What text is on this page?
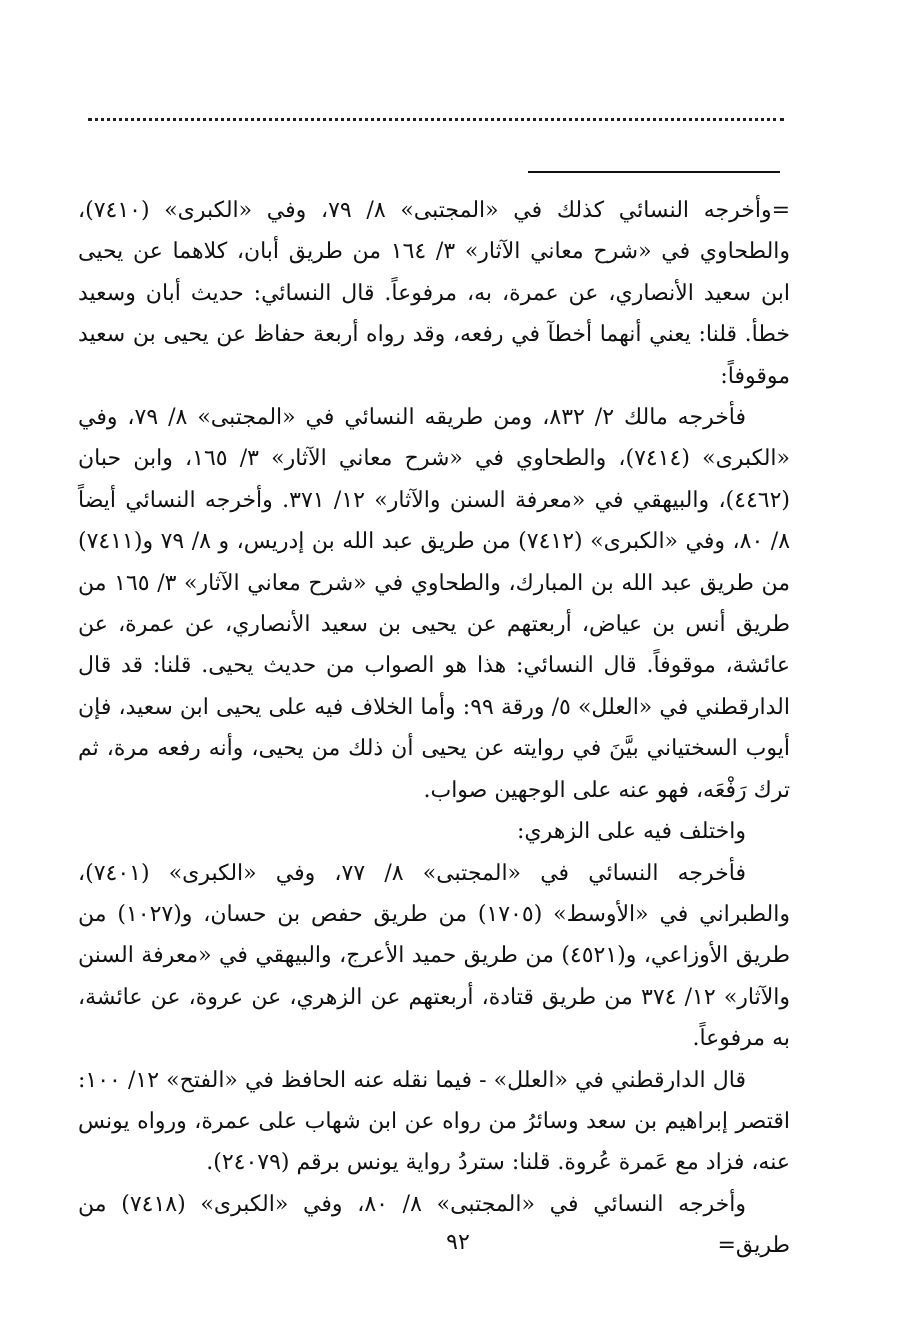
=وأخرجه النسائي كذلك في «المجتبى» ٨/ ٧٩، وفي «الكبرى» (٧٤١٠)، والطحاوي في «شرح معاني الآثار» ٣/ ١٦٤ من طريق أبان، كلاهما عن يحيى ابن سعيد الأنصاري، عن عمرة، به، مرفوعاً. قال النسائي: حديث أبان وسعيد خطأ. قلنا: يعني أنهما أخطآ في رفعه، وقد رواه أربعة حفاظ عن يحيى بن سعيد موقوفاً:

فأخرجه مالك ٢/ ٨٣٢، ومن طريقه النسائي في «المجتبى» ٨/ ٧٩، وفي «الكبرى» (٧٤١٤)، والطحاوي في «شرح معاني الآثار» ٣/ ١٦٥، وابن حبان (٤٤٦٢)، والبيهقي في «معرفة السنن والآثار» ١٢/ ٣٧١. وأخرجه النسائي أيضاً ٨/ ٨٠، وفي «الكبرى» (٧٤١٢) من طريق عبد الله بن إدريس، و ٨/ ٧٩ و(٧٤١١) من طريق عبد الله بن المبارك، والطحاوي في «شرح معاني الآثار» ٣/ ١٦٥ من طريق أنس بن عياض، أربعتهم عن يحيى بن سعيد الأنصاري، عن عمرة، عن عائشة، موقوفاً. قال النسائي: هذا هو الصواب من حديث يحيى. قلنا: قد قال الدارقطني في «العلل» ٥/ ورقة ٩٩: وأما الخلاف فيه على يحيى ابن سعيد، فإن أيوب السختياني بيَّنَ في روايته عن يحيى أن ذلك من يحيى، وأنه رفعه مرة، ثم ترك رَفْعَه، فهو عنه على الوجهين صواب.

واختلف فيه على الزهري:

فأخرجه النسائي في «المجتبى» ٨/ ٧٧، وفي «الكبرى» (٧٤٠١)، والطبراني في «الأوسط» (١٧٠٥) من طريق حفص بن حسان، و(١٠٢٧) من طريق الأوزاعي، و(٤٥٢١) من طريق حميد الأعرج، والبيهقي في «معرفة السنن والآثار» ١٢/ ٣٧٤ من طريق قتادة، أربعتهم عن الزهري، عن عروة، عن عائشة، به مرفوعاً.

قال الدارقطني في «العلل» - فيما نقله عنه الحافظ في «الفتح» ١٢/ ١٠٠: اقتصر إبراهيم بن سعد وسائرُ من رواه عن ابن شهاب على عمرة، ورواه يونس عنه، فزاد مع عَمرة عُروة. قلنا: ستردُ رواية يونس برقم (٢٤٠٧٩).

وأخرجه النسائي في «المجتبى» ٨/ ٨٠، وفي «الكبرى» (٧٤١٨) من طريق=

٩٢
